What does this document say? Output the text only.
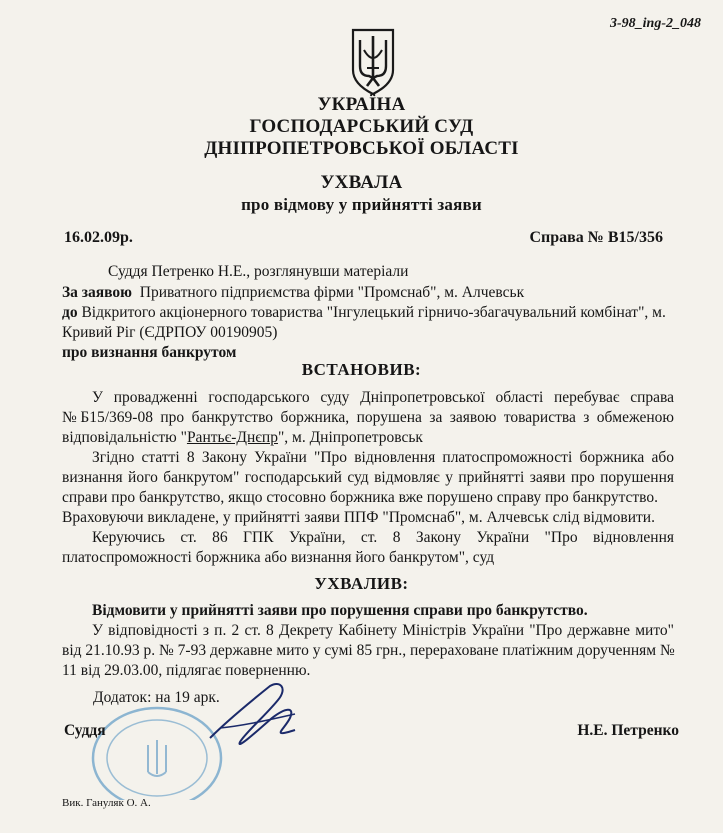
3-98_ing-2_048
УКРАЇНА
ГОСПОДАРСЬКИЙ СУД
ДНІПРОПЕТРОВСЬКОЇ ОБЛАСТІ
УХВАЛА
про відмову у прийнятті заяви
16.02.09р.	Справа № В15/356
Суддя Петренко Н.Е., розглянувши матеріали
За заявою Приватного підприємства фірми "Промснаб", м. Алчевськ
до Відкритого акціонерного товариства "Інгулецький гірничо-збагачувальний комбінат", м.
Кривий Ріг (ЄДРПОУ 00190905)
про визнання банкрутом
ВСТАНОВИВ:
У провадженні господарського суду Дніпропетровської області перебуває справа
№Б15/369-08 про банкрутство боржника, порушена за заявою товариства з обмеженою
відповідальністю "Рантьє-Днєпр", м. Дніпропетровськ
Згідно статті 8 Закону України "Про відновлення платоспроможності боржника або
визнання його банкрутом" господарський суд відмовляє у прийнятті заяви про порушення
справи про банкрутство, якщо стосовно боржника вже порушено справу про банкрутство.
Враховуючи викладене, у прийнятті заяви ППФ "Промснаб", м. Алчевськ слід відмовити.
Керуючись ст. 86 ГПК України, ст. 8 Закону України "Про відновлення
платоспроможності боржника або визнання його банкрутом", суд
УХВАЛИВ:
Відмовити у прийнятті заяви про порушення справи про банкрутство.
У відповідності з п. 2 ст. 8 Декрету Кабінету Міністрів України "Про державне мито"
від 21.10.93 р. № 7-93 державне мито у сумі 85 грн., перераховане платіжним дорученням №
11 від 29.03.00, підлягає поверненню.
Додаток: на 19 арк.
Суддя	Н.Е. Петренко
Вик. Гануляк О. А.
